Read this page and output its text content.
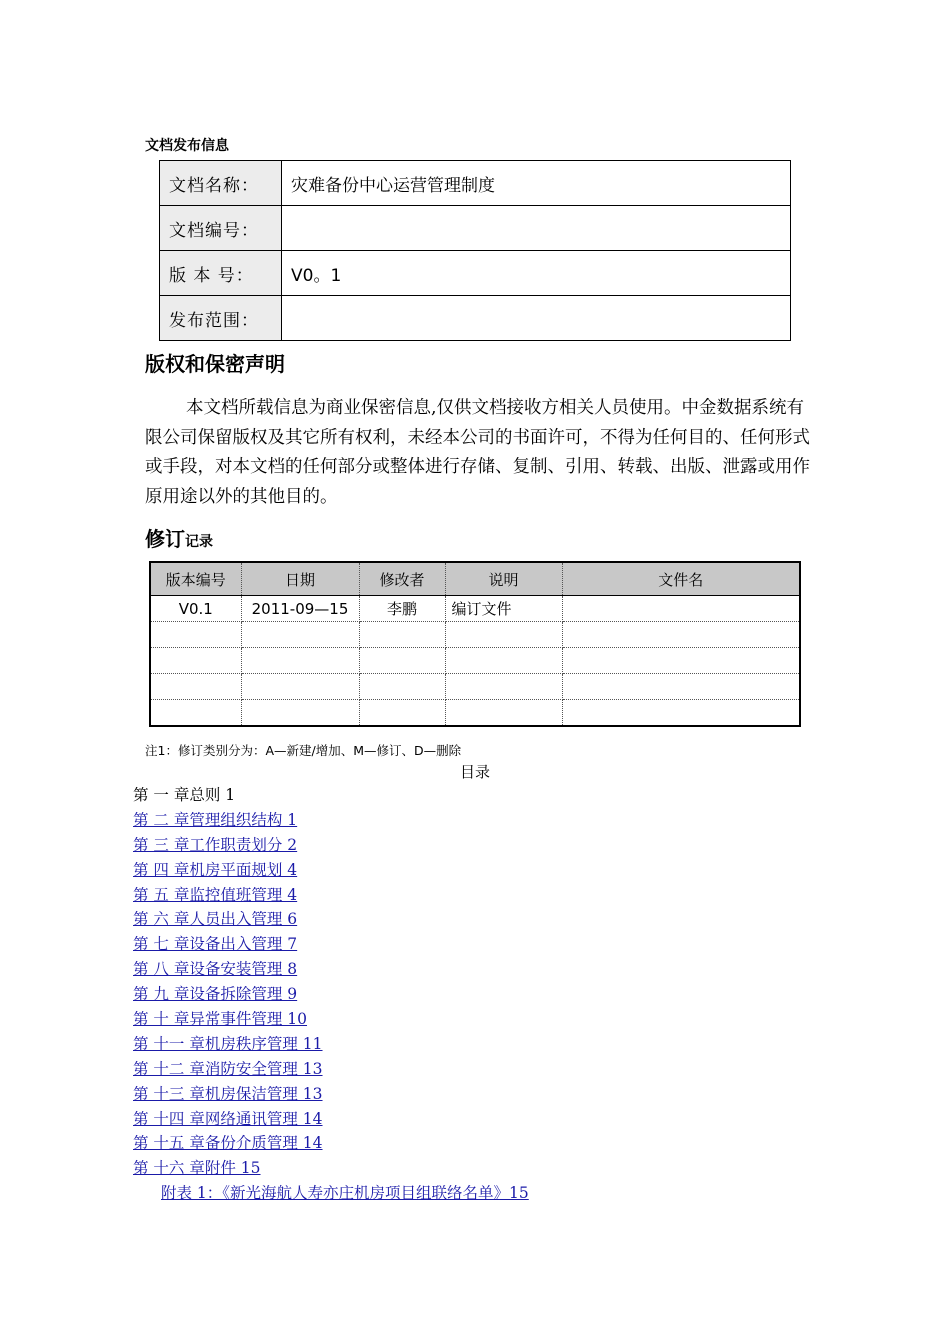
文档发布信息
文档名称：	灾难备份中心运营管理制度
文档编号：	
版 本 号：	V0。1
发布范围：	
版权和保密声明
本文档所载信息为商业保密信息,仅供文档接收方相关人员使用。中金数据系统有限公司保留版权及其它所有权利，未经本公司的书面许可，不得为任何目的、任何形式或手段，对本文档的任何部分或整体进行存储、复制、引用、转载、出版、泄露或用作原用途以外的其他目的。
修订记录
版本编号	日期	修改者	说明	文件名
V0.1	2011-09—15	李鹏	编订文件	

注1：修订类别分为：A—新建/增加、M—修订、D—删除
目录
第 一 章总则 1
第 二 章管理组织结构 1
第 三 章工作职责划分 2
第 四 章机房平面规划 4
第 五 章监控值班管理 4
第 六 章人员出入管理 6
第 七 章设备出入管理 7
第 八 章设备安装管理 8
第 九 章设备拆除管理 9
第 十 章异常事件管理 10
第 十一 章机房秩序管理 11
第 十二 章消防安全管理 13
第 十三 章机房保洁管理 13
第 十四 章网络通讯管理 14
第 十五 章备份介质管理 14
第 十六 章附件 15
附表 1：《新光海航人寿亦庄机房项目组联络名单》15
